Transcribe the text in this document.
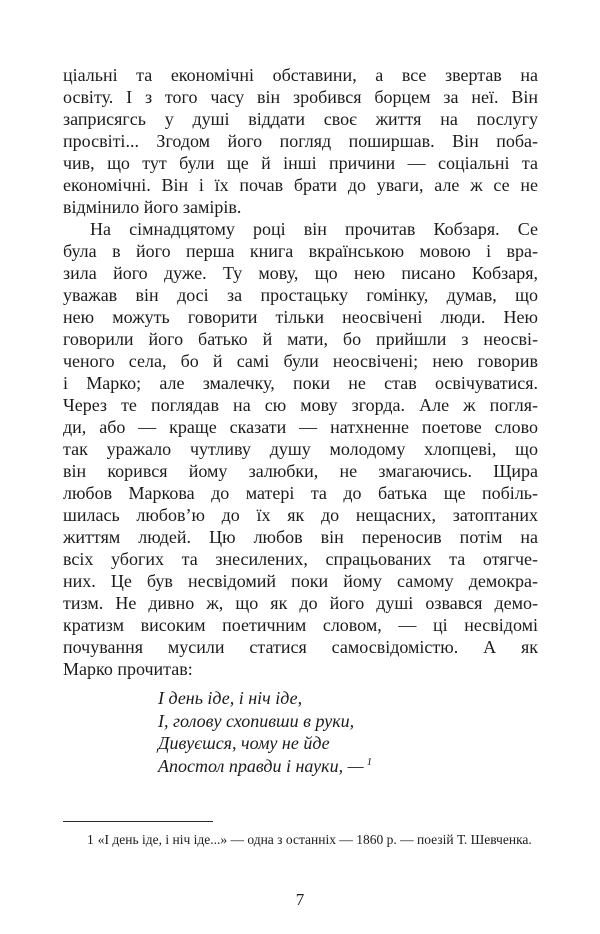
ціальні та економічні обставини, а все звертав на
освіту. І з того часу він зробився борцем за неї. Він
заприсягсь у душі віддати своє життя на послугу
просвіті... Згодом його погляд поширшав. Він поба-
чив, що тут були ще й інші причини — соціальні та
економічні. Він і їх почав брати до уваги, але ж се не
відмінило його замірів.
На сімнадцятому році він прочитав Кобзаря. Се
була в його перша книга вкраїнською мовою і вра-
зила його дуже. Ту мову, що нею писано Кобзаря,
уважав він досі за простацьку гомінку, думав, що
нею можуть говорити тільки неосвічені люди. Нею
говорили його батько й мати, бо прийшли з неосві-
ченого села, бо й самі були неосвічені; нею говорив
і Марко; але змалечку, поки не став освічуватися.
Через те поглядав на сю мову згорда. Але ж погля-
ди, або — краще сказати — натхненне поетове слово
так уражало чутливу душу молодому хлопцеві, що
він корився йому залюбки, не змагаючись. Щира
любов Маркова до матері та до батька ще побіль-
шилась любов’ю до їх як до нещасних, затоптаних
життям людей. Цю любов він переносив потім на
всіх убогих та знесилених, спрацьованих та отягче-
них. Це був несвідомий поки йому самому демокра-
тизм. Не дивно ж, що як до його душі озвався демо-
кратизм високим поетичним словом, — ці несвідомі
почування мусили статися самосвідомістю. А як
Марко прочитав:
І день іде, і ніч іде,
І, голову схопивши в руки,
Дивуєшся, чому не йде
Апостол правди і науки, — $^1$

1 «І день іде, і ніч іде...» — одна з останніх — 1860 р. — поезій Т. Шевченка.

7
